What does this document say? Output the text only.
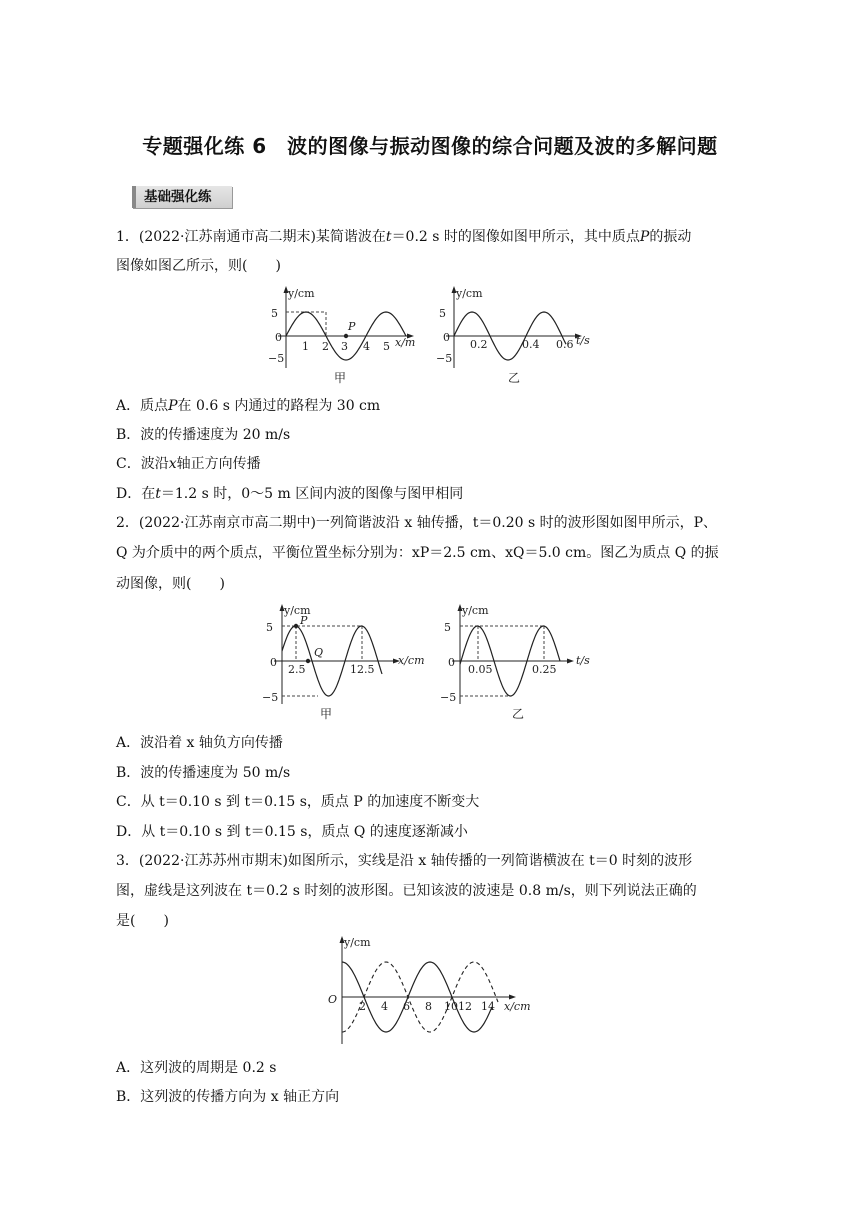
专题强化练 6　波的图像与振动图像的综合问题及波的多解问题
基础强化练
1．(2022·江苏南通市高二期末)某简谐波在t＝0.2 s 时的图像如图甲所示，其中质点P的振动
图像如图乙所示，则(　　)
y/cm
5
0
−5
P
1 2 3 4 5 x/m
甲
y/cm
5
0
−5
0.2	0.4 0.6 t/s
乙
A．质点P在 0.6 s 内通过的路程为 30 cm
B．波的传播速度为 20 m/s
C．波沿x轴正方向传播
D．在t＝1.2 s 时，0～5 m 区间内波的图像与图甲相同
2．(2022·江苏南京市高二期中)一列简谐波沿 x 轴传播，t＝0.20 s 时的波形图如图甲所示，P、
Q 为介质中的两个质点，平衡位置坐标分别为：xP＝2.5 cm、xQ＝5.0 cm。图乙为质点 Q 的振
动图像，则(　　)
y/cm
5
0
−5
P
Q
2.5	12.5
x/cm
甲
y/cm
5
0
−5
0.05	0.25
t/s
乙
A．波沿着 x 轴负方向传播
B．波的传播速度为 50 m/s
C．从 t＝0.10 s 到 t＝0.15 s，质点 P 的加速度不断变大
D．从 t＝0.10 s 到 t＝0.15 s，质点 Q 的速度逐渐减小
3．(2022·江苏苏州市期末)如图所示，实线是沿 x 轴传播的一列简谐横波在 t＝0 时刻的波形
图，虚线是这列波在 t＝0.2 s 时刻的波形图。已知该波的波速是 0.8 m/s，则下列说法正确的
是(　　)
y/cm
O
2 4 6 8 1012 14 x/cm
A．这列波的周期是 0.2 s
B．这列波的传播方向为 x 轴正方向
